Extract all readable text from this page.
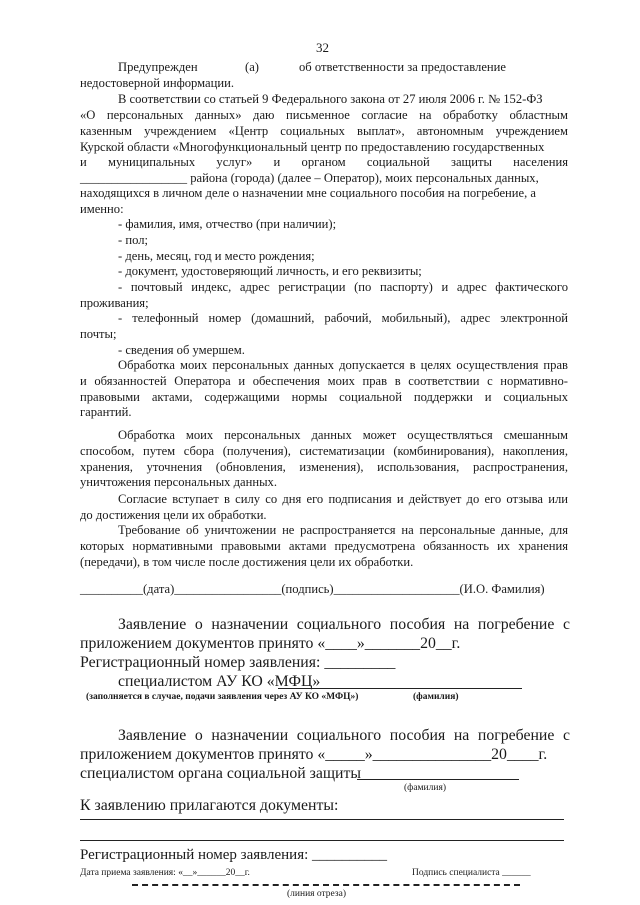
32
Предупрежден	(а)	об ответственности за предоставление
недостоверной информации.
В соответствии со статьей 9 Федерального закона от 27 июля 2006 г. № 152-ФЗ
«О персональных данных» даю письменное согласие на обработку областным
казенным учреждением «Центр социальных выплат», автономным учреждением
Курской области «Многофункциональный центр по предоставлению государственных
и муниципальных услуг» и органом социальной защиты населения
_________________ района (города) (далее – Оператор), моих персональных данных,
находящихся в личном деле о назначении мне социального пособия на погребение, а
именно:
- фамилия, имя, отчество (при наличии);
- пол;
- день, месяц, год и место рождения;
- документ, удостоверяющий личность, и его реквизиты;
- почтовый индекс, адрес регистрации (по паспорту) и адрес фактического
проживания;
- телефонный номер (домашний, рабочий, мобильный), адрес электронной
почты;
- сведения об умершем.
Обработка моих персональных данных допускается в целях осуществления прав
и обязанностей Оператора и обеспечения моих прав в соответствии с нормативно-
правовыми актами, содержащими нормы социальной поддержки и социальных
гарантий.
Обработка моих персональных данных может осуществляться смешанным
способом, путем сбора (получения), систематизации (комбинирования), накопления,
хранения, уточнения (обновления, изменения), использования, распространения,
уничтожения персональных данных.
Согласие вступает в силу со дня его подписания и действует до его отзыва или
до достижения цели их обработки.
Требование об уничтожении не распространяется на персональные данные, для
которых нормативными правовыми актами предусмотрена обязанность их хранения
(передачи), в том числе после достижения цели их обработки.
__________(дата)_________________(подпись)____________________(И.О. Фамилия)
Заявление о назначении социального пособия на погребение с
приложением документов принято «____»_______20__г.
Регистрационный номер заявления: _________
специалистом АУ КО «МФЦ»
(заполняется в случае, подачи заявления через АУ КО «МФЦ»)	(фамилия)
Заявление о назначении социального пособия на погребение с
приложением документов принято «_____»_______________20____г.
специалистом органа социальной защиты
(фамилия)
К заявлению прилагаются документы:
Регистрационный номер заявления: __________
Дата приема заявления: «__»______20__г.	Подпись специалиста ______
(линия отреза)
